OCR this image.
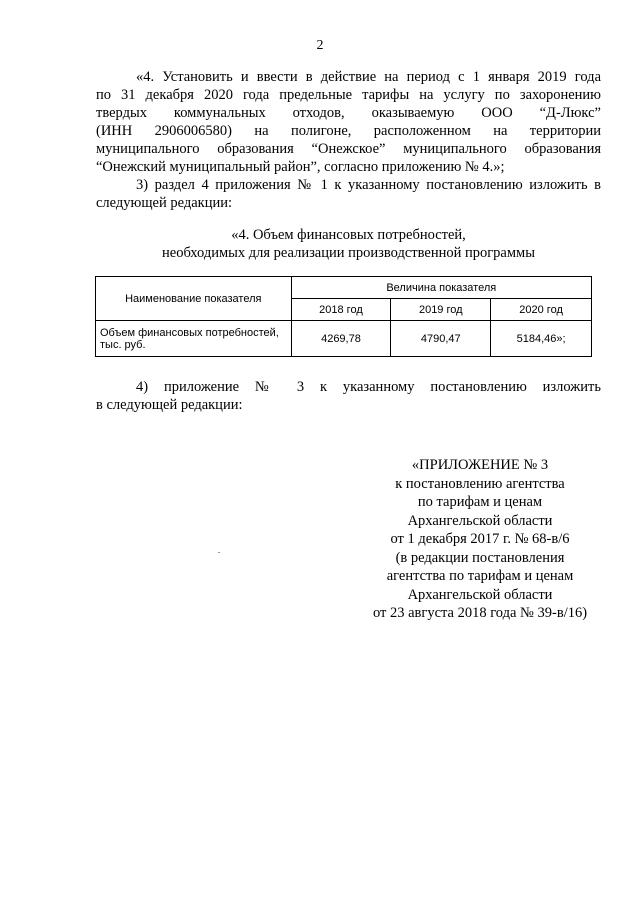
2

«4. Установить и ввести в действие на период с 1 января 2019 года

по 31 декабря 2020 года предельные тарифы на услугу по захоронению

твердых коммунальных отходов, оказываемую ООО “Д-Люкс”

(ИНН 2906006580) на полигоне, расположенном на территории

муниципального образования “Онежское” муниципального образования

“Онежский муниципальный район”, согласно приложению № 4.»;

3) раздел 4 приложения № 1 к указанному постановлению изложить в

следующей редакции:

«4. Объем финансовых потребностей,
необходимых для реализации производственной программы
Наименование показателя	Величина показателя		
	2018 год	2019 год	2020 год
Объем финансовых потребностей, тыс. руб.	4269,78	4790,47	5184,46»;

4) приложение № 3 к указанному постановлению изложить

в следующей редакции:

«ПРИЛОЖЕНИЕ № 3
к постановлению агентства
по тарифам и ценам
Архангельской области
от 1 декабря 2017 г. № 68-в/6
(в редакции постановления
агентства по тарифам и ценам
Архангельской области
от 23 августа 2018 года № 39-в/16)
